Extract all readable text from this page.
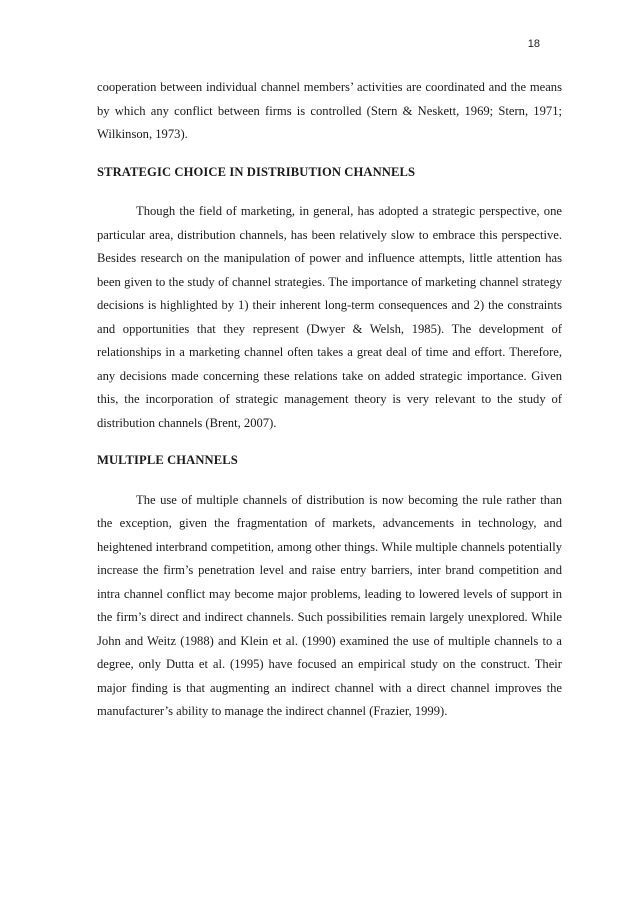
18

cooperation between individual channel members’ activities are coordinated and the means by which any conflict between firms is controlled (Stern & Neskett, 1969; Stern, 1971; Wilkinson, 1973).

STRATEGIC CHOICE IN DISTRIBUTION CHANNELS

Though the field of marketing, in general, has adopted a strategic perspective, one particular area, distribution channels, has been relatively slow to embrace this perspective. Besides research on the manipulation of power and influence attempts, little attention has been given to the study of channel strategies. The importance of marketing channel strategy decisions is highlighted by 1) their inherent long-term consequences and 2) the constraints and opportunities that they represent (Dwyer & Welsh, 1985). The development of relationships in a marketing channel often takes a great deal of time and effort. Therefore, any decisions made concerning these relations take on added strategic importance. Given this, the incorporation of strategic management theory is very relevant to the study of distribution channels (Brent, 2007).

MULTIPLE CHANNELS

The use of multiple channels of distribution is now becoming the rule rather than the exception, given the fragmentation of markets, advancements in technology, and heightened interbrand competition, among other things. While multiple channels potentially increase the firm’s penetration level and raise entry barriers, inter brand competition and intra channel conflict may become major problems, leading to lowered levels of support in the firm’s direct and indirect channels. Such possibilities remain largely unexplored. While John and Weitz (1988) and Klein et al. (1990) examined the use of multiple channels to a degree, only Dutta et al. (1995) have focused an empirical study on the construct. Their major finding is that augmenting an indirect channel with a direct channel improves the manufacturer’s ability to manage the indirect channel (Frazier, 1999).
